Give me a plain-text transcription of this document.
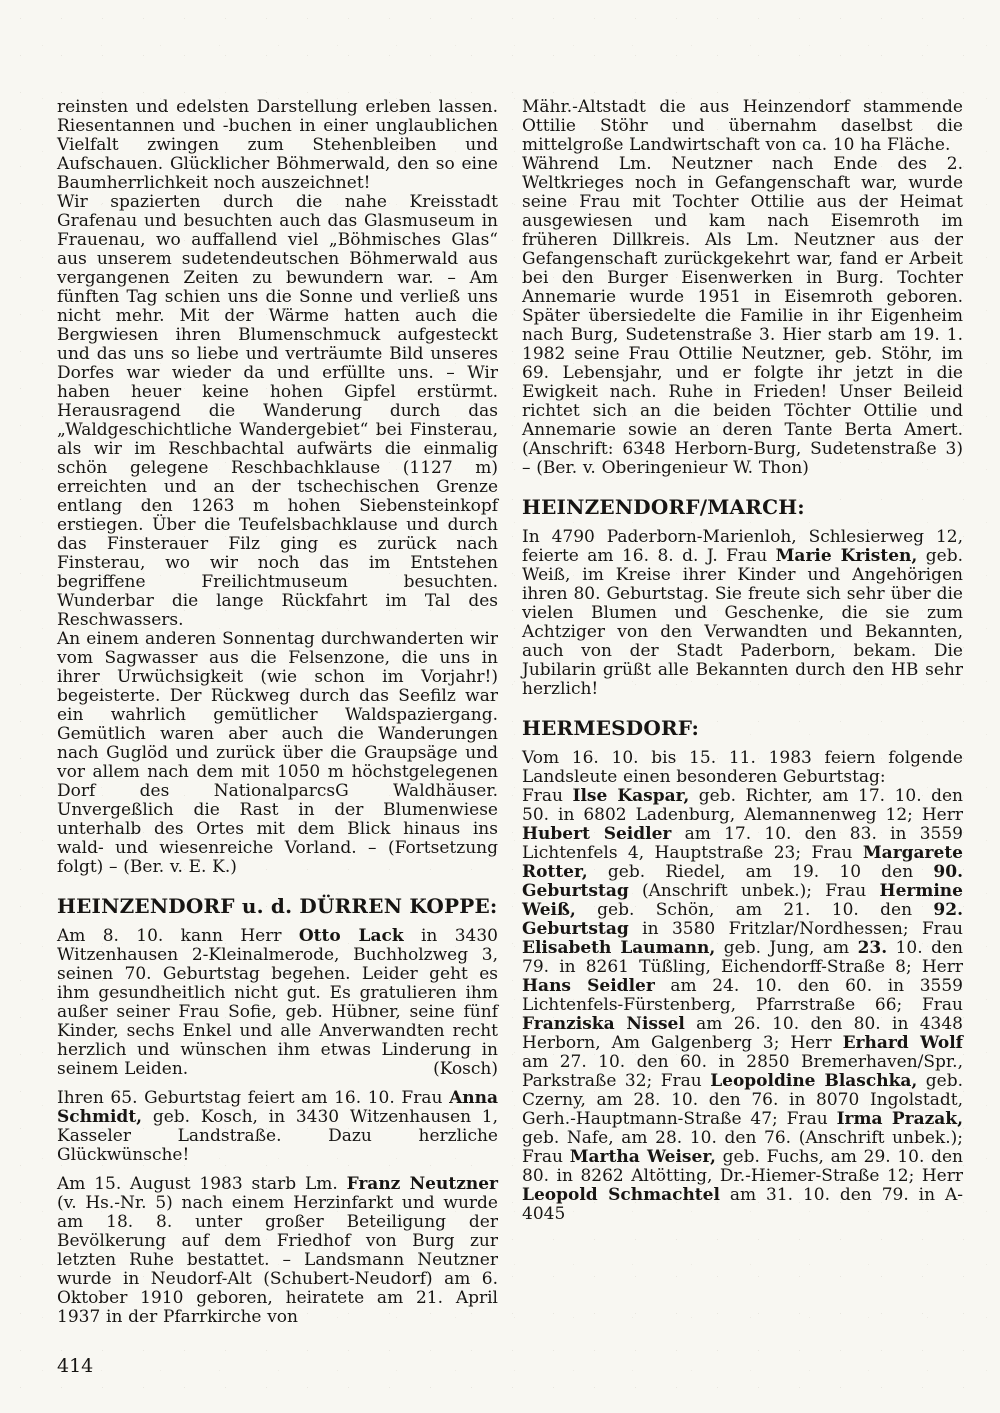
reinsten und edelsten Darstellung erleben lassen. Riesentannen und -buchen in einer unglaublichen Vielfalt zwingen zum Stehenbleiben und Aufschauen. Glücklicher Böhmerwald, den so eine Baumherrlichkeit noch auszeichnet!

Wir spazierten durch die nahe Kreisstadt Grafenau und besuchten auch das Glasmuseum in Frauenau, wo auffallend viel „Böhmisches Glas“ aus unserem sudetendeutschen Böhmerwald aus vergangenen Zeiten zu bewundern war. – Am fünften Tag schien uns die Sonne und verließ uns nicht mehr. Mit der Wärme hatten auch die Bergwiesen ihren Blumenschmuck aufgesteckt und das uns so liebe und verträumte Bild unseres Dorfes war wieder da und erfüllte uns. – Wir haben heuer keine hohen Gipfel erstürmt. Herausragend die Wanderung durch das „Waldgeschichtliche Wandergebiet“ bei Finsterau, als wir im Reschbachtal aufwärts die einmalig schön gelegene Reschbachklause (1127 m) erreichten und an der tschechischen Grenze entlang den 1263 m hohen Siebensteinkopf erstiegen. Über die Teufelsbachklause und durch das Finsterauer Filz ging es zurück nach Finsterau, wo wir noch das im Entstehen begriffene Freilichtmuseum besuchten. Wunderbar die lange Rückfahrt im Tal des Reschwassers.

An einem anderen Sonnentag durchwanderten wir vom Sagwasser aus die Felsenzone, die uns in ihrer Urwüchsigkeit (wie schon im Vorjahr!) begeisterte. Der Rückweg durch das Seefilz war ein wahrlich gemütlicher Waldspaziergang. Gemütlich waren aber auch die Wanderungen nach Guglöd und zurück über die Graupsäge und vor allem nach dem mit 1050 m höchstgelegenen Dorf des NationalparcsG Waldhäuser. Unvergeßlich die Rast in der Blumenwiese unterhalb des Ortes mit dem Blick hinaus ins wald- und wiesenreiche Vorland. – (Fortsetzung folgt) – (Ber. v. E. K.)

HEINZENDORF u. d. DÜRREN KOPPE:

Am 8. 10. kann Herr Otto Lack in 3430 Witzenhausen 2-Kleinalmerode, Buchholzweg 3, seinen 70. Geburtstag begehen. Leider geht es ihm gesundheitlich nicht gut. Es gratulieren ihm außer seiner Frau Sofie, geb. Hübner, seine fünf Kinder, sechs Enkel und alle Anverwandten recht herzlich und wünschen ihm etwas Linderung in seinem Leiden.	(Kosch)

Ihren 65. Geburtstag feiert am 16. 10. Frau Anna Schmidt, geb. Kosch, in 3430 Witzenhausen 1, Kasseler Landstraße. Dazu herzliche Glückwünsche!

Am 15. August 1983 starb Lm. Franz Neutzner (v. Hs.-Nr. 5) nach einem Herzinfarkt und wurde am 18. 8. unter großer Beteiligung der Bevölkerung auf dem Friedhof von Burg zur letzten Ruhe bestattet. – Landsmann Neutzner wurde in Neudorf-Alt (Schubert-Neudorf) am 6. Oktober 1910 geboren, heiratete am 21. April 1937 in der Pfarrkirche von

414

Mähr.-Altstadt die aus Heinzendorf stammende Ottilie Stöhr und übernahm daselbst die mittelgroße Landwirtschaft von ca. 10 ha Fläche.

Während Lm. Neutzner nach Ende des 2. Weltkrieges noch in Gefangenschaft war, wurde seine Frau mit Tochter Ottilie aus der Heimat ausgewiesen und kam nach Eisemroth im früheren Dillkreis. Als Lm. Neutzner aus der Gefangenschaft zurückgekehrt war, fand er Arbeit bei den Burger Eisenwerken in Burg. Tochter Annemarie wurde 1951 in Eisemroth geboren. Später übersiedelte die Familie in ihr Eigenheim nach Burg, Sudetenstraße 3. Hier starb am 19. 1. 1982 seine Frau Ottilie Neutzner, geb. Stöhr, im 69. Lebensjahr, und er folgte ihr jetzt in die Ewigkeit nach. Ruhe in Frieden! Unser Beileid richtet sich an die beiden Töchter Ottilie und Annemarie sowie an deren Tante Berta Amert. (Anschrift: 6348 Herborn-Burg, Sudetenstraße 3) – (Ber. v. Oberingenieur W. Thon)

HEINZENDORF/MARCH:

In 4790 Paderborn-Marienloh, Schlesierweg 12, feierte am 16. 8. d. J. Frau Marie Kristen, geb. Weiß, im Kreise ihrer Kinder und Angehörigen ihren 80. Geburtstag. Sie freute sich sehr über die vielen Blumen und Geschenke, die sie zum Achtziger von den Verwandten und Bekannten, auch von der Stadt Paderborn, bekam. Die Jubilarin grüßt alle Bekannten durch den HB sehr herzlich!

HERMESDORF:

Vom 16. 10. bis 15. 11. 1983 feiern folgende Landsleute einen besonderen Geburtstag:

Frau Ilse Kaspar, geb. Richter, am 17. 10. den 50. in 6802 Ladenburg, Alemannenweg 12; Herr Hubert Seidler am 17. 10. den 83. in 3559 Lichtenfels 4, Hauptstraße 23; Frau Margarete Rotter, geb. Riedel, am 19. 10 den 90. Geburtstag (Anschrift unbek.); Frau Hermine Weiß, geb. Schön, am 21. 10. den 92. Geburtstag in 3580 Fritzlar/Nordhessen; Frau Elisabeth Laumann, geb. Jung, am 23. 10. den 79. in 8261 Tüßling, Eichendorff-Straße 8; Herr Hans Seidler am 24. 10. den 60. in 3559 Lichtenfels-Fürstenberg, Pfarrstraße 66; Frau Franziska Nissel am 26. 10. den 80. in 4348 Herborn, Am Galgenberg 3; Herr Erhard Wolf am 27. 10. den 60. in 2850 Bremerhaven/Spr., Parkstraße 32; Frau Leopoldine Blaschka, geb. Czerny, am 28. 10. den 76. in 8070 Ingolstadt, Gerh.-Hauptmann-Straße 47; Frau Irma Prazak, geb. Nafe, am 28. 10. den 76. (Anschrift unbek.); Frau Martha Weiser, geb. Fuchs, am 29. 10. den 80. in 8262 Altötting, Dr.-Hiemer-Straße 12; Herr Leopold Schmachtel am 31. 10. den 79. in A-4045
